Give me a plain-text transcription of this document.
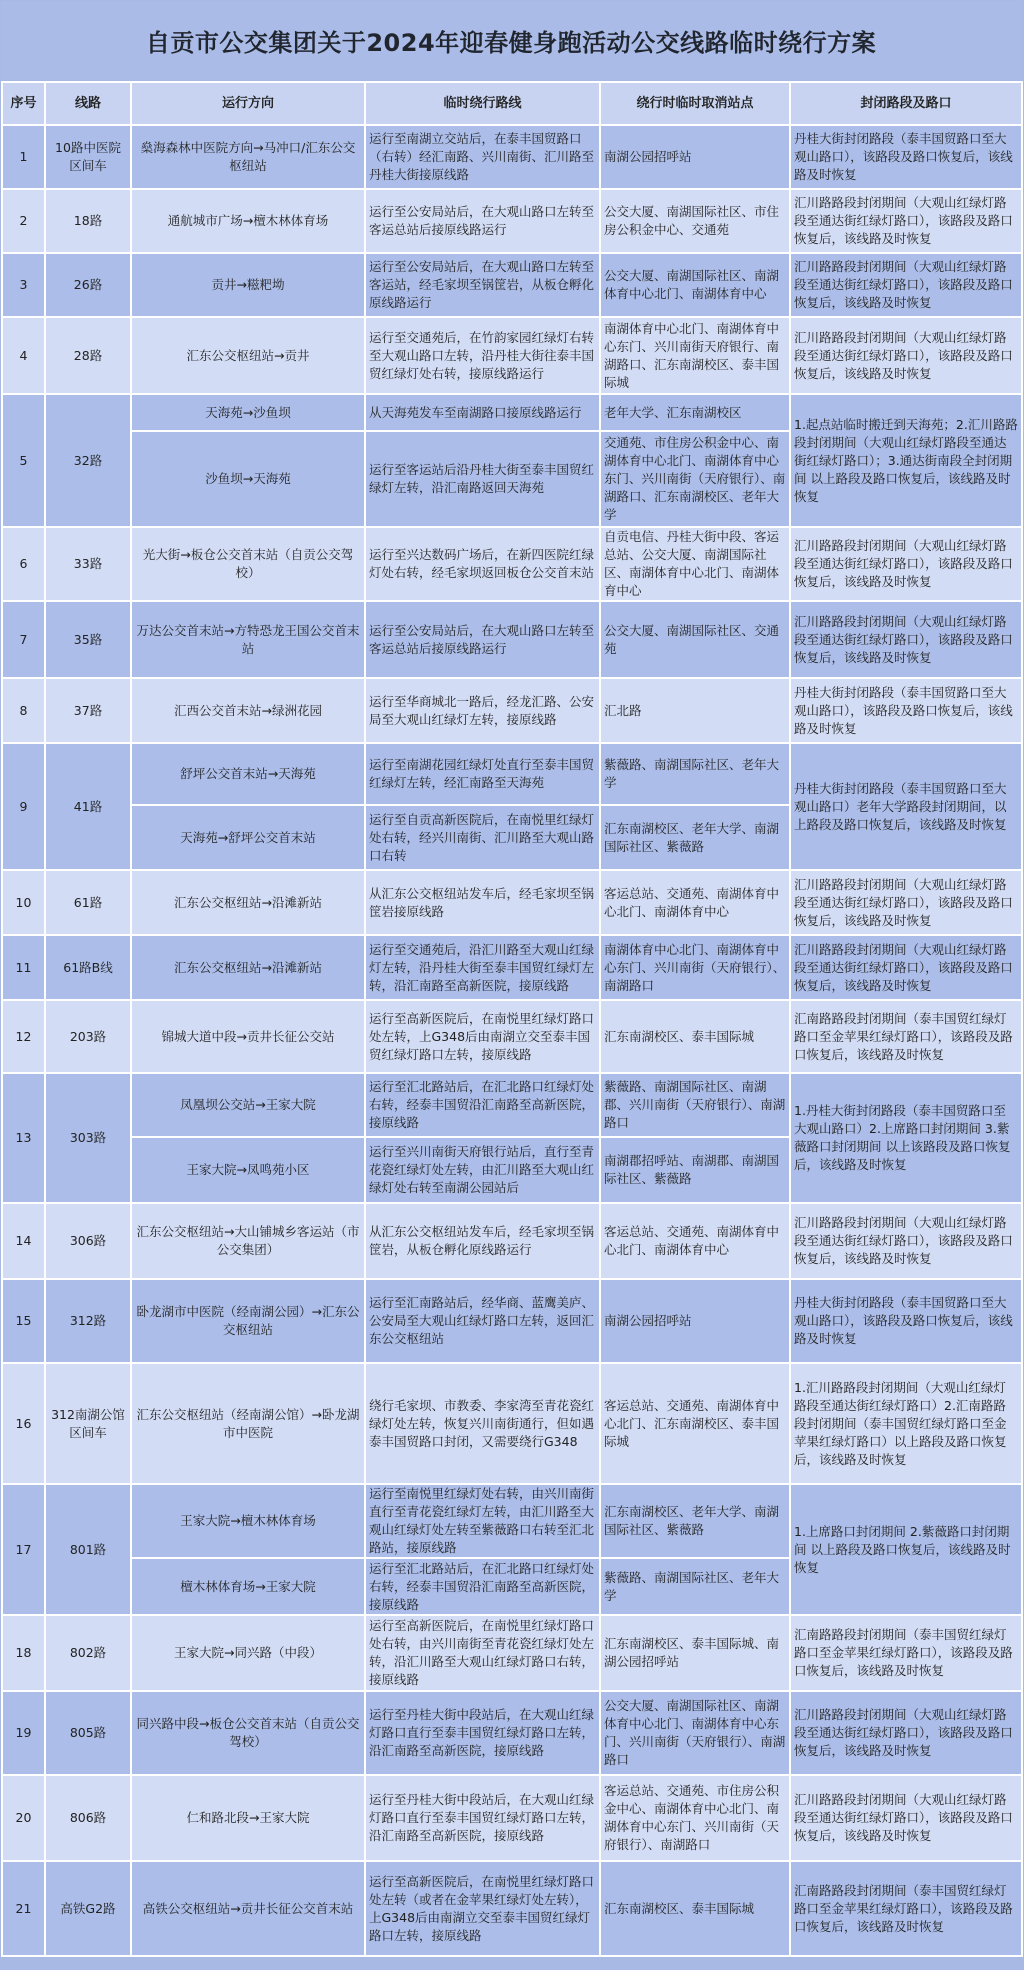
自贡市公交集团关于2024年迎春健身跑活动公交线路临时绕行方案
序号	线路	运行方向	临时绕行路线	绕行时临时取消站点	封闭路段及路口
1	10路中医院区间车	燊海森林中医院方向→马冲口/汇东公交枢纽站	运行至南湖立交站后，在泰丰国贸路口（右转）经汇南路、兴川南街、汇川路至丹桂大街接原线路	南湖公园招呼站	丹桂大街封闭路段（泰丰国贸路口至大观山路口），该路段及路口恢复后，该线路及时恢复
2	18路	通航城市广场→檀木林体育场	运行至公安局站后，在大观山路口左转至客运总站后接原线路运行	公交大厦、南湖国际社区、市住房公积金中心、交通苑	汇川路路段封闭期间（大观山红绿灯路段至通达街红绿灯路口），该路段及路口恢复后，该线路及时恢复
3	26路	贡井→糍粑坳	运行至公安局站后，在大观山路口左转至客运站，经毛家坝至锅筐岩，从板仓孵化原线路运行	公交大厦、南湖国际社区、南湖体育中心北门、南湖体育中心	汇川路路段封闭期间（大观山红绿灯路段至通达街红绿灯路口），该路段及路口恢复后，该线路及时恢复
4	28路	汇东公交枢纽站→贡井	运行至交通苑后，在竹韵家园红绿灯右转至大观山路口左转，沿丹桂大街往泰丰国贸红绿灯处右转，接原线路运行	南湖体育中心北门、南湖体育中心东门、兴川南街天府银行、南湖路口、汇东南湖校区、泰丰国际城	汇川路路段封闭期间（大观山红绿灯路段至通达街红绿灯路口），该路段及路口恢复后，该线路及时恢复
5	32路	天海苑→沙鱼坝	从天海苑发车至南湖路口接原线路运行	老年大学、汇东南湖校区	1.起点站临时搬迁到天海苑；2.汇川路路段封闭期间（大观山红绿灯路段至通达街红绿灯路口）；3.通达街南段全封闭期间 以上路段及路口恢复后，该线路及时恢复
		沙鱼坝→天海苑	运行至客运站后沿丹桂大街至泰丰国贸红绿灯左转，沿汇南路返回天海苑	交通苑、市住房公积金中心、南湖体育中心北门、南湖体育中心东门、兴川南街（天府银行）、南湖路口、汇东南湖校区、老年大学	
6	33路	光大街→板仓公交首末站（自贡公交驾校）	运行至兴达数码广场后，在新四医院红绿灯处右转，经毛家坝返回板仓公交首末站	自贡电信、丹桂大街中段、客运总站、公交大厦、南湖国际社区、南湖体育中心北门、南湖体育中心	汇川路路段封闭期间（大观山红绿灯路段至通达街红绿灯路口），该路段及路口恢复后，该线路及时恢复
7	35路	万达公交首末站→方特恐龙王国公交首末站	运行至公安局站后，在大观山路口左转至客运总站后接原线路运行	公交大厦、南湖国际社区、交通苑	汇川路路段封闭期间（大观山红绿灯路段至通达街红绿灯路口），该路段及路口恢复后，该线路及时恢复
8	37路	汇西公交首末站→绿洲花园	运行至华商城北一路后，经龙汇路、公安局至大观山红绿灯左转，接原线路	汇北路	丹桂大街封闭路段（泰丰国贸路口至大观山路口），该路段及路口恢复后，该线路及时恢复
9	41路	舒坪公交首末站→天海苑	运行至南湖花园红绿灯处直行至泰丰国贸红绿灯左转，经汇南路至天海苑	紫薇路、南湖国际社区、老年大学	丹桂大街封闭路段（泰丰国贸路口至大观山路口）老年大学路段封闭期间，以上路段及路口恢复后，该线路及时恢复
		天海苑→舒坪公交首末站	运行至自贡高新医院后，在南悦里红绿灯处右转，经兴川南街、汇川路至大观山路口右转	汇东南湖校区、老年大学、南湖国际社区、紫薇路	
10	61路	汇东公交枢纽站→沿滩新站	从汇东公交枢纽站发车后，经毛家坝至锅筐岩接原线路	客运总站、交通苑、南湖体育中心北门、南湖体育中心	汇川路路段封闭期间（大观山红绿灯路段至通达街红绿灯路口），该路段及路口恢复后，该线路及时恢复
11	61路B线	汇东公交枢纽站→沿滩新站	运行至交通苑后，沿汇川路至大观山红绿灯左转，沿丹桂大街至泰丰国贸红绿灯左转，沿汇南路至高新医院，接原线路	南湖体育中心北门、南湖体育中心东门、兴川南街（天府银行）、南湖路口	汇川路路段封闭期间（大观山红绿灯路段至通达街红绿灯路口），该路段及路口恢复后，该线路及时恢复
12	203路	锦城大道中段→贡井长征公交站	运行至高新医院后，在南悦里红绿灯路口处左转，上G348后由南湖立交至泰丰国贸红绿灯路口左转，接原线路	汇东南湖校区、泰丰国际城	汇南路路段封闭期间（泰丰国贸红绿灯路口至金苹果红绿灯路口），该路段及路口恢复后，该线路及时恢复
13	303路	凤凰坝公交站→王家大院	运行至汇北路站后，在汇北路口红绿灯处右转，经泰丰国贸沿汇南路至高新医院，接原线路	紫薇路、南湖国际社区、南湖郡、兴川南街（天府银行）、南湖路口	1.丹桂大街封闭路段（泰丰国贸路口至大观山路口）2.上席路口封闭期间 3.紫薇路口封闭期间 以上该路段及路口恢复后，该线路及时恢复
		王家大院→凤鸣苑小区	运行至兴川南街天府银行站后，直行至青花瓷红绿灯处左转，由汇川路至大观山红绿灯处右转至南湖公园站后	南湖郡招呼站、南湖郡、南湖国际社区、紫薇路	
14	306路	汇东公交枢纽站→大山铺城乡客运站（市公交集团）	从汇东公交枢纽站发车后，经毛家坝至锅筐岩，从板仓孵化原线路运行	客运总站、交通苑、南湖体育中心北门、南湖体育中心	汇川路路段封闭期间（大观山红绿灯路段至通达街红绿灯路口），该路段及路口恢复后，该线路及时恢复
15	312路	卧龙湖市中医院（经南湖公园）→汇东公交枢纽站	运行至汇南路站后，经华商、蓝鹰美庐、公安局至大观山红绿灯路口左转，返回汇东公交枢纽站	南湖公园招呼站	丹桂大街封闭路段（泰丰国贸路口至大观山路口），该路段及路口恢复后，该线路及时恢复
16	312南湖公馆区间车	汇东公交枢纽站（经南湖公馆）→卧龙湖市中医院	绕行毛家坝、市教委、李家湾至青花瓷红绿灯处左转，恢复兴川南街通行，但如遇泰丰国贸路口封闭，又需要绕行G348	客运总站、交通苑、南湖体育中心北门、汇东南湖校区、泰丰国际城	1.汇川路路段封闭期间（大观山红绿灯路段至通达街红绿灯路口）2.汇南路路段封闭期间（泰丰国贸红绿灯路口至金苹果红绿灯路口）以上路段及路口恢复后，该线路及时恢复
17	801路	王家大院→檀木林体育场	运行至南悦里红绿灯处右转，由兴川南街直行至青花瓷红绿灯左转，由汇川路至大观山红绿灯处左转至紫薇路口右转至汇北路站，接原线路	汇东南湖校区、老年大学、南湖国际社区、紫薇路	1.上席路口封闭期间 2.紫薇路口封闭期间 以上路段及路口恢复后，该线路及时恢复
		檀木林体育场→王家大院	运行至汇北路站后，在汇北路口红绿灯处右转，经泰丰国贸沿汇南路至高新医院，接原线路	紫薇路、南湖国际社区、老年大学	
18	802路	王家大院→同兴路（中段）	运行至高新医院后，在南悦里红绿灯路口处右转，由兴川南街至青花瓷红绿灯处左转，沿汇川路至大观山红绿灯路口右转，接原线路	汇东南湖校区、泰丰国际城、南湖公园招呼站	汇南路路段封闭期间（泰丰国贸红绿灯路口至金苹果红绿灯路口），该路段及路口恢复后，该线路及时恢复
19	805路	同兴路中段→板仓公交首末站（自贡公交驾校）	运行至丹桂大街中段站后，在大观山红绿灯路口直行至泰丰国贸红绿灯路口左转，沿汇南路至高新医院，接原线路	公交大厦、南湖国际社区、南湖体育中心北门、南湖体育中心东门、兴川南街（天府银行）、南湖路口	汇川路路段封闭期间（大观山红绿灯路段至通达街红绿灯路口），该路段及路口恢复后，该线路及时恢复
20	806路	仁和路北段→王家大院	运行至丹桂大街中段站后，在大观山红绿灯路口直行至泰丰国贸红绿灯路口左转，沿汇南路至高新医院，接原线路	客运总站、交通苑、市住房公积金中心、南湖体育中心北门、南湖体育中心东门、兴川南街（天府银行）、南湖路口	汇川路路段封闭期间（大观山红绿灯路段至通达街红绿灯路口），该路段及路口恢复后，该线路及时恢复
21	高铁G2路	高铁公交枢纽站→贡井长征公交首末站	运行至高新医院后，在南悦里红绿灯路口处左转（或者在金苹果红绿灯处左转），上G348后由南湖立交至泰丰国贸红绿灯路口左转，接原线路	汇东南湖校区、泰丰国际城	汇南路路段封闭期间（泰丰国贸红绿灯路口至金苹果红绿灯路口），该路段及路口恢复后，该线路及时恢复
